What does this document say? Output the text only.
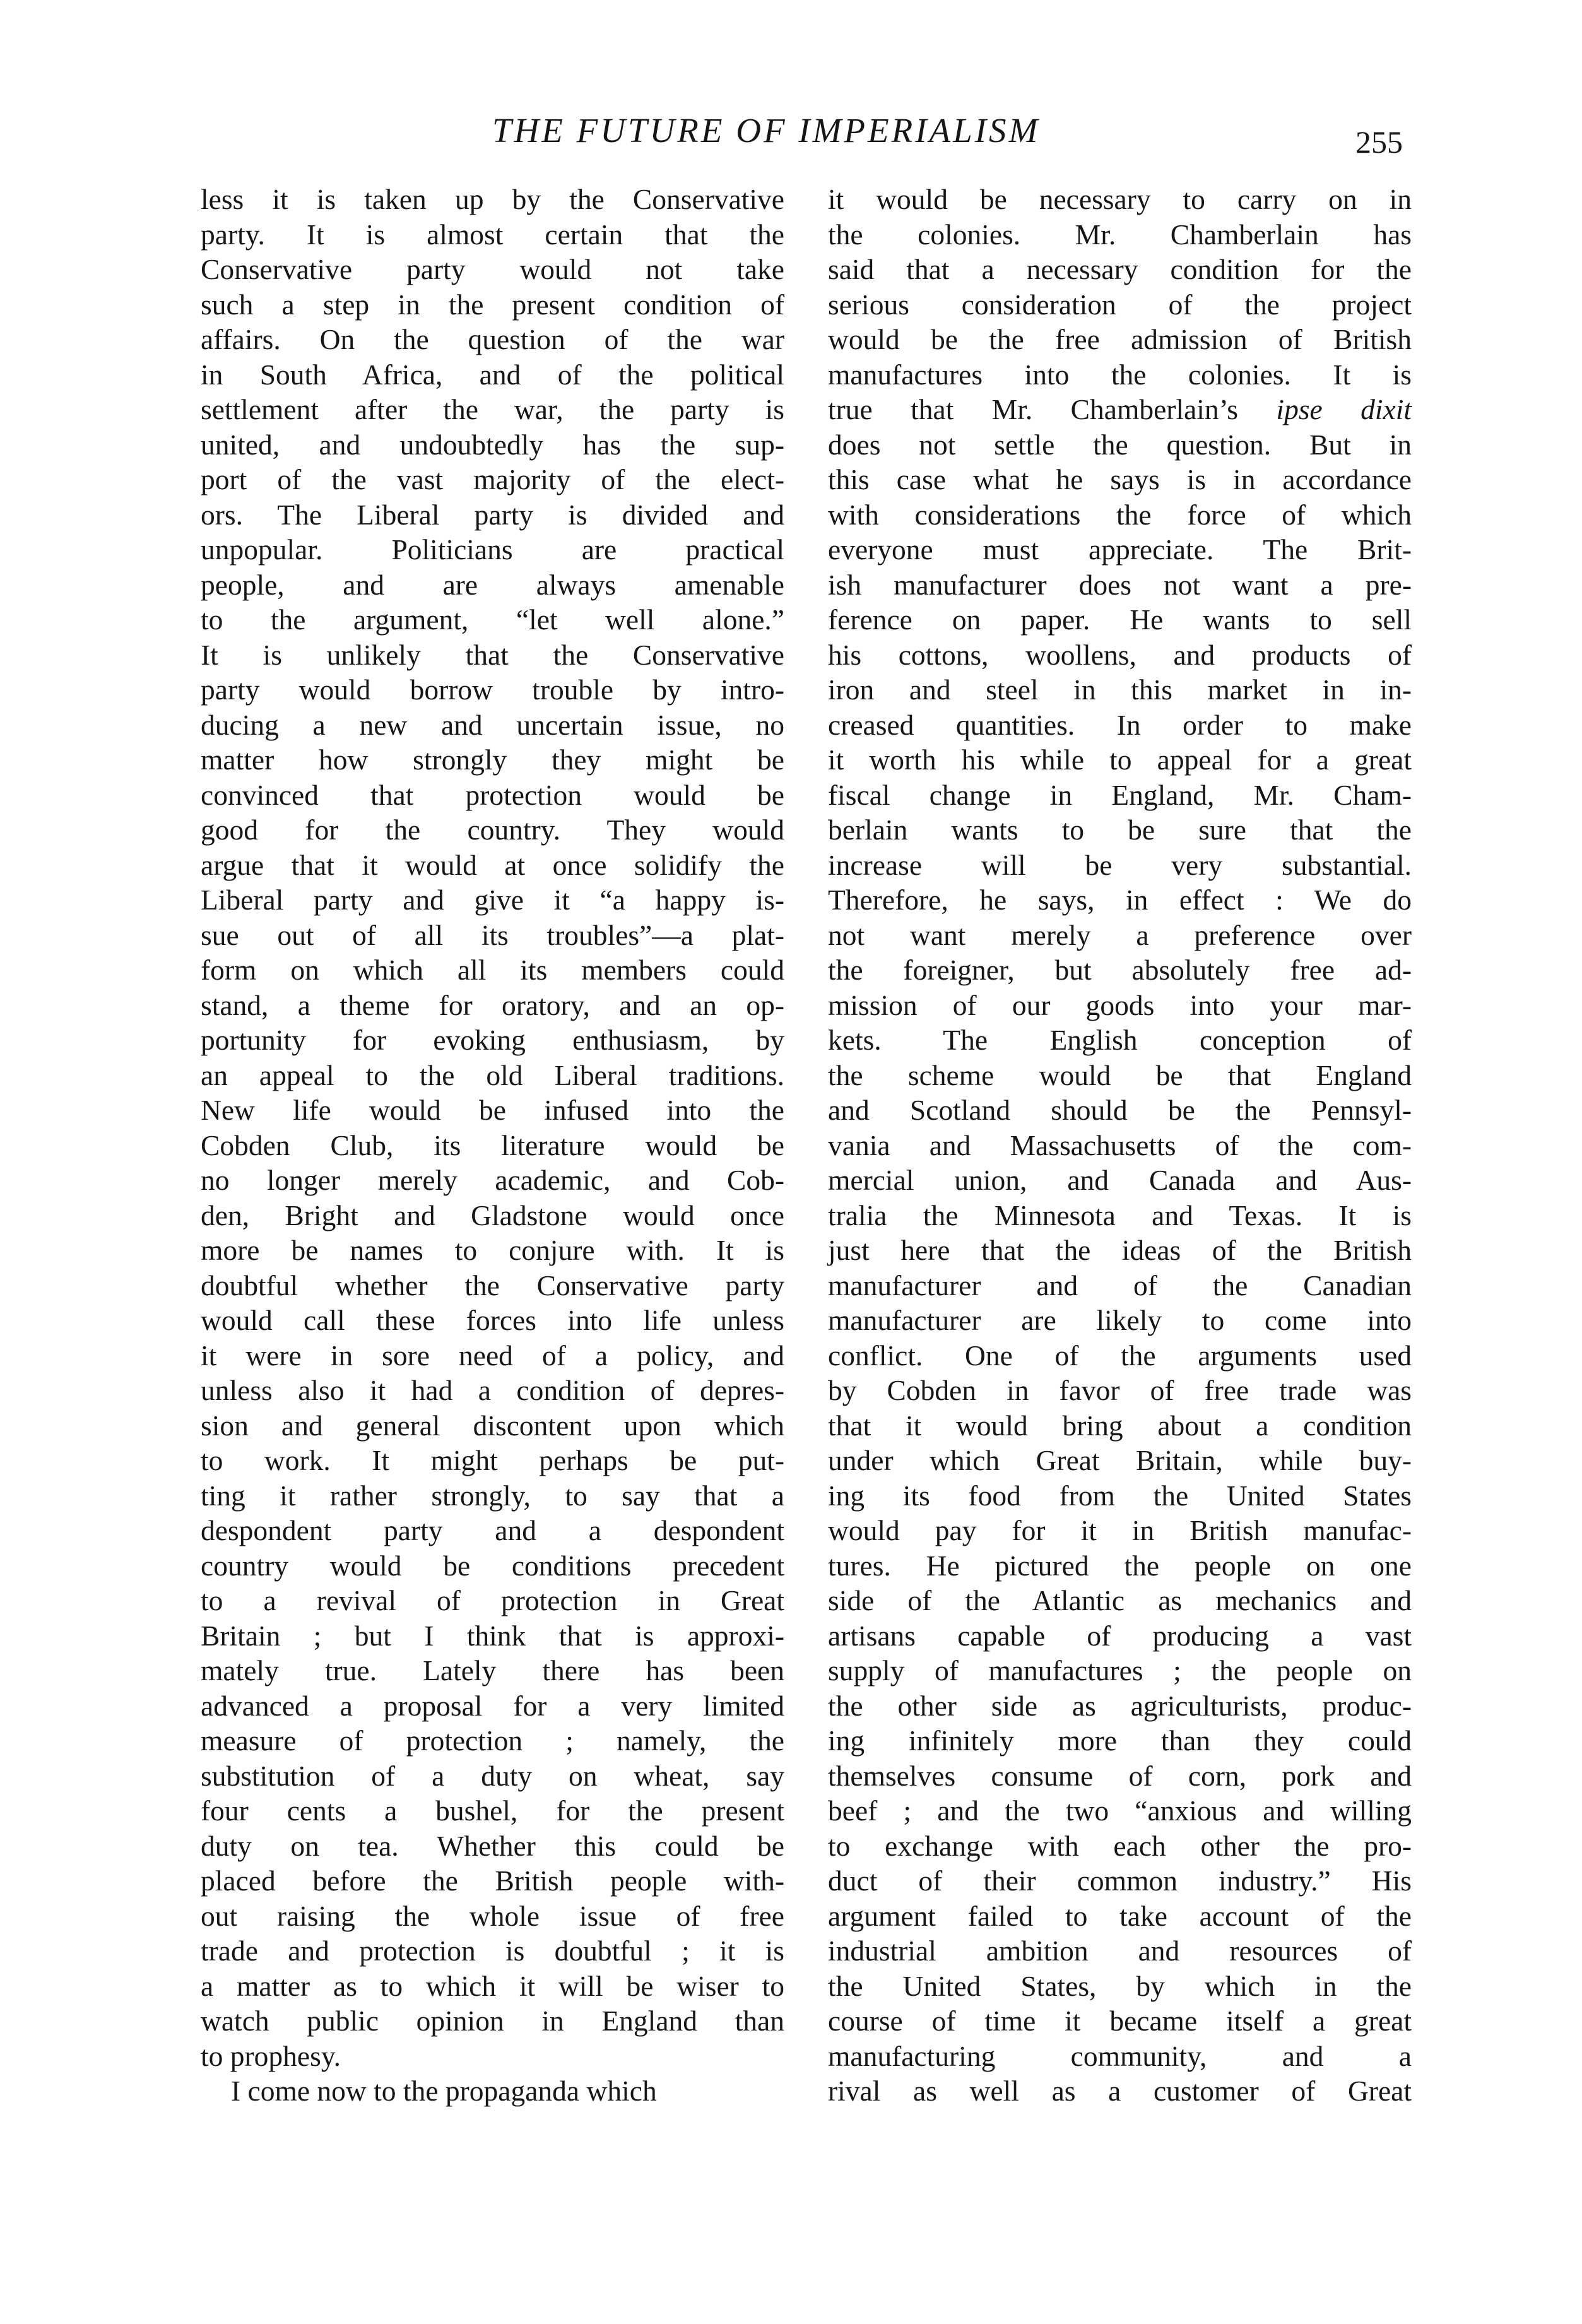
THE FUTURE OF IMPERIALISM	255
less it is taken up by the Conservative
party. It is almost certain that the
Conservative party would not take
such a step in the present condition of
affairs. On the question of the war
in South Africa, and of the political
settlement after the war, the party is
united, and undoubtedly has the sup-
port of the vast majority of the elect-
ors. The Liberal party is divided and
unpopular. Politicians are practical
people, and are always amenable
to the argument, “let well alone.”
It is unlikely that the Conservative
party would borrow trouble by intro-
ducing a new and uncertain issue, no
matter how strongly they might be
convinced that protection would be
good for the country. They would
argue that it would at once solidify the
Liberal party and give it “a happy is-
sue out of all its troubles”—a plat-
form on which all its members could
stand, a theme for oratory, and an op-
portunity for evoking enthusiasm, by
an appeal to the old Liberal traditions.
New life would be infused into the
Cobden Club, its literature would be
no longer merely academic, and Cob-
den, Bright and Gladstone would once
more be names to conjure with. It is
doubtful whether the Conservative party
would call these forces into life unless
it were in sore need of a policy, and
unless also it had a condition of depres-
sion and general discontent upon which
to work. It might perhaps be put-
ting it rather strongly, to say that a
despondent party and a despondent
country would be conditions precedent
to a revival of protection in Great
Britain ; but I think that is approxi-
mately true. Lately there has been
advanced a proposal for a very limited
measure of protection ; namely, the
substitution of a duty on wheat, say
four cents a bushel, for the present
duty on tea. Whether this could be
placed before the British people with-
out raising the whole issue of free
trade and protection is doubtful ; it is
a matter as to which it will be wiser to
watch public opinion in England than
to prophesy.
I come now to the propaganda which
it would be necessary to carry on in
the colonies. Mr. Chamberlain has
said that a necessary condition for the
serious consideration of the project
would be the free admission of British
manufactures into the colonies. It is
true that Mr. Chamberlain’s ipse dixit
does not settle the question. But in
this case what he says is in accordance
with considerations the force of which
everyone must appreciate. The Brit-
ish manufacturer does not want a pre-
ference on paper. He wants to sell
his cottons, woollens, and products of
iron and steel in this market in in-
creased quantities. In order to make
it worth his while to appeal for a great
fiscal change in England, Mr. Cham-
berlain wants to be sure that the
increase will be very substantial.
Therefore, he says, in effect : We do
not want merely a preference over
the foreigner, but absolutely free ad-
mission of our goods into your mar-
kets. The English conception of
the scheme would be that England
and Scotland should be the Pennsyl-
vania and Massachusetts of the com-
mercial union, and Canada and Aus-
tralia the Minnesota and Texas. It is
just here that the ideas of the British
manufacturer and of the Canadian
manufacturer are likely to come into
conflict. One of the arguments used
by Cobden in favor of free trade was
that it would bring about a condition
under which Great Britain, while buy-
ing its food from the United States
would pay for it in British manufac-
tures. He pictured the people on one
side of the Atlantic as mechanics and
artisans capable of producing a vast
supply of manufactures ; the people on
the other side as agriculturists, produc-
ing infinitely more than they could
themselves consume of corn, pork and
beef ; and the two “anxious and willing
to exchange with each other the pro-
duct of their common industry.” His
argument failed to take account of the
industrial ambition and resources of
the United States, by which in the
course of time it became itself a great
manufacturing community, and a
rival as well as a customer of Great
